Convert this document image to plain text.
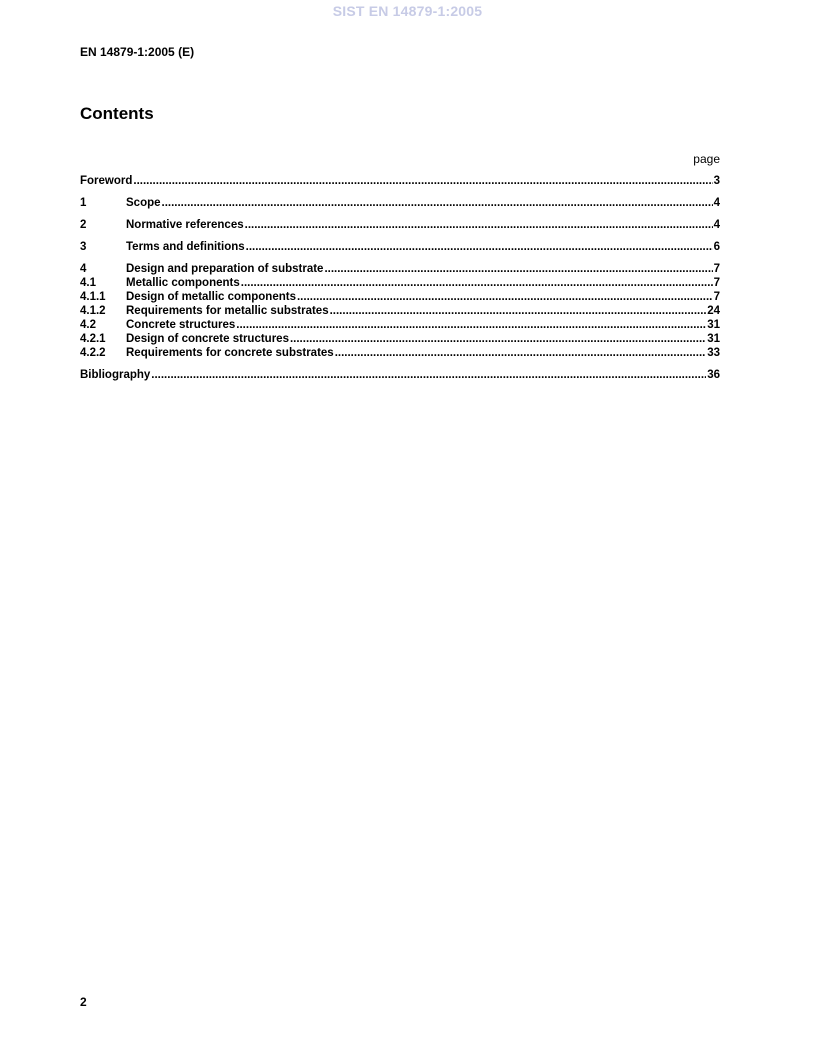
SIST EN 14879-1:2005
EN 14879-1:2005 (E)
Contents
page
Foreword .....	3
1	Scope .....	4
2	Normative references .....	4
3	Terms and definitions .....	6
4	Design and preparation of substrate .....	7
4.1	Metallic components .....	7
4.1.1	Design of metallic components .....	7
4.1.2	Requirements for metallic substrates .....	24
4.2	Concrete structures .....	31
4.2.1	Design of concrete structures .....	31
4.2.2	Requirements for concrete substrates .....	33
Bibliography .....	36
2
